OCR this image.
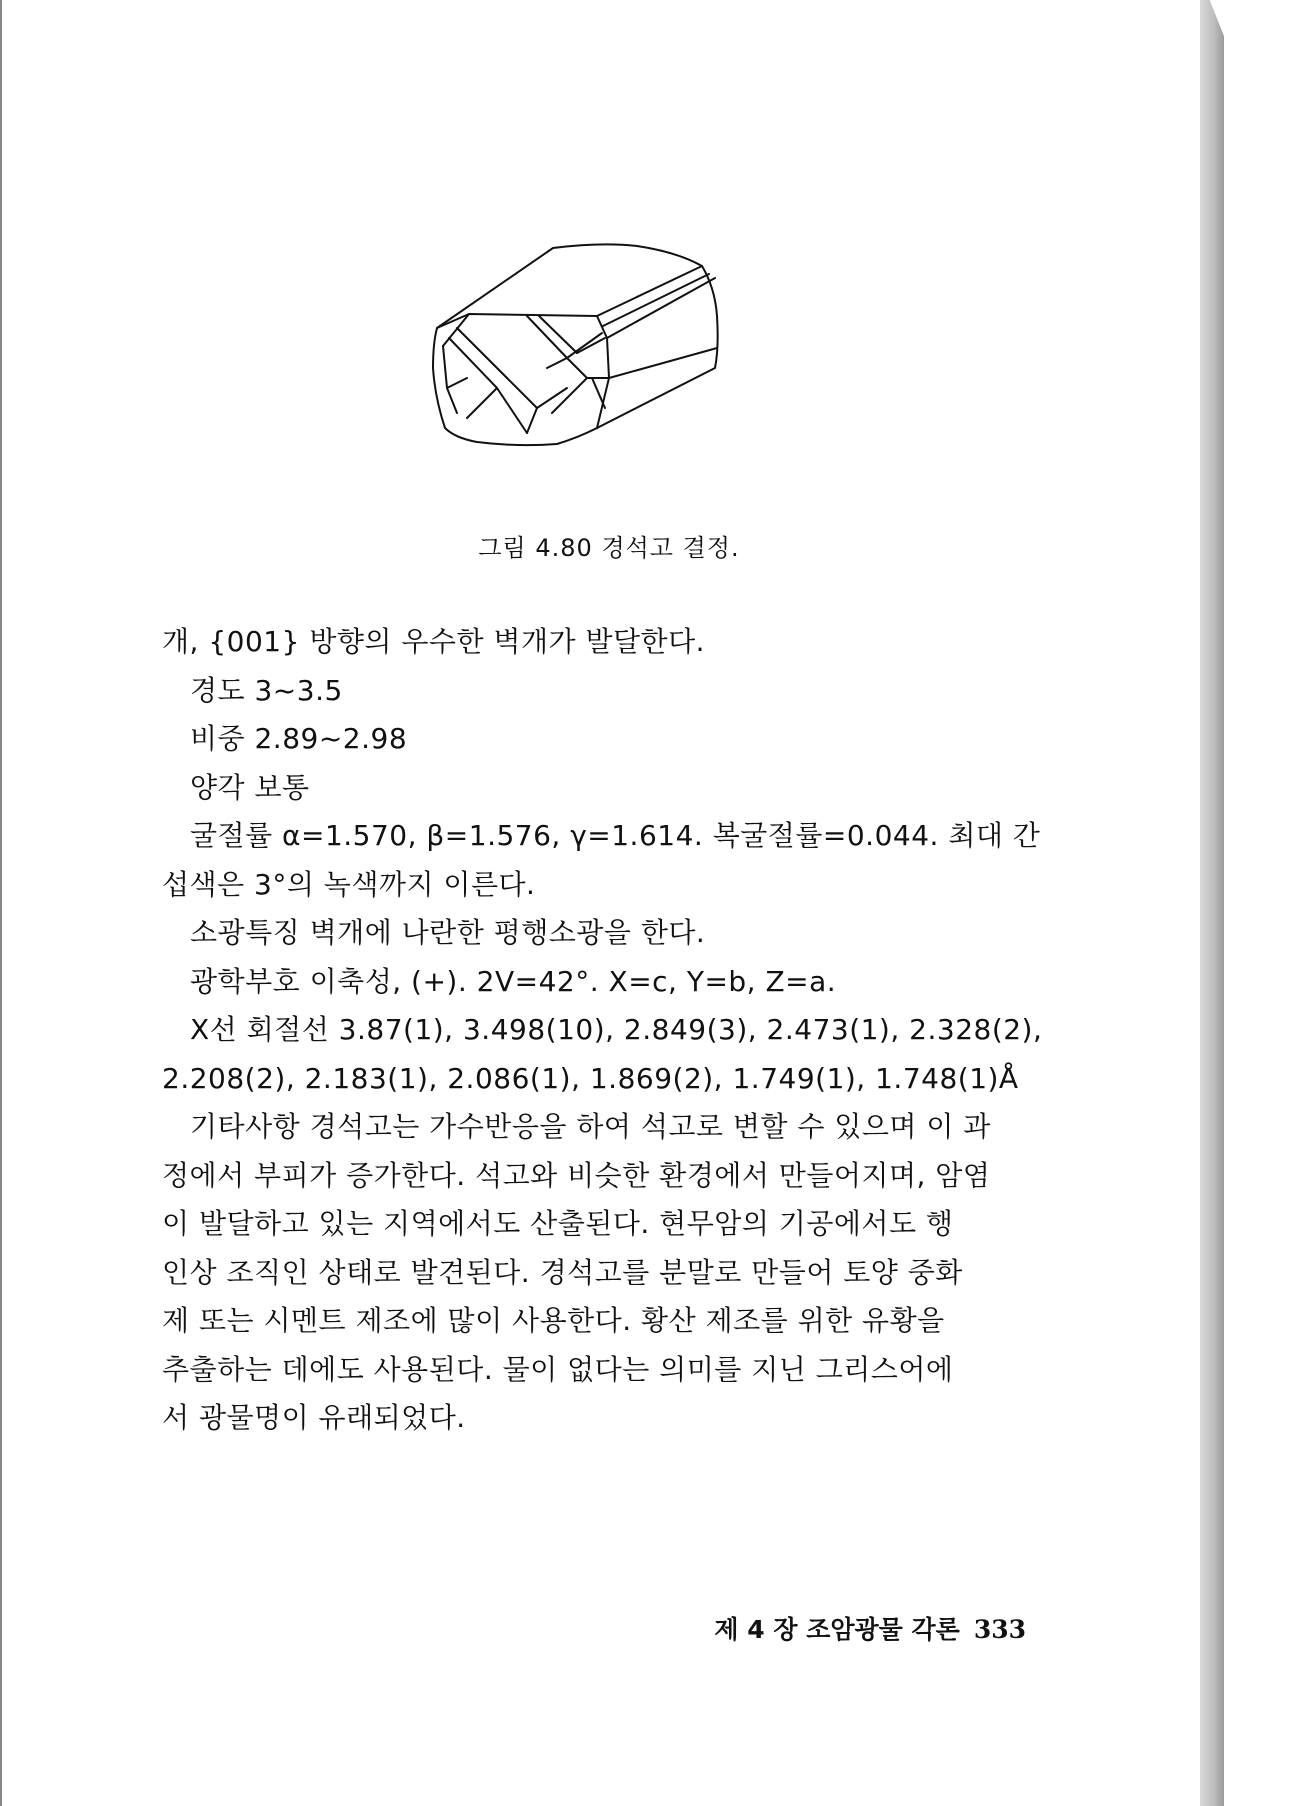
그림 4.80 경석고 결정.
개, {001} 방향의 우수한 벽개가 발달한다.
경도 3~3.5
비중 2.89~2.98
양각 보통
굴절률 α=1.570, β=1.576, γ=1.614. 복굴절률=0.044. 최대 간
섭색은 3°의 녹색까지 이른다.
소광특징 벽개에 나란한 평행소광을 한다.
광학부호 이축성, (+). 2V=42°. X=c, Y=b, Z=a.
X선 회절선 3.87(1), 3.498(10), 2.849(3), 2.473(1), 2.328(2),
2.208(2), 2.183(1), 2.086(1), 1.869(2), 1.749(1), 1.748(1)Å
기타사항 경석고는 가수반응을 하여 석고로 변할 수 있으며 이 과
정에서 부피가 증가한다. 석고와 비슷한 환경에서 만들어지며, 암염
이 발달하고 있는 지역에서도 산출된다. 현무암의 기공에서도 행
인상 조직인 상태로 발견된다. 경석고를 분말로 만들어 토양 중화
제 또는 시멘트 제조에 많이 사용한다. 황산 제조를 위한 유황을
추출하는 데에도 사용된다. 물이 없다는 의미를 지닌 그리스어에
서 광물명이 유래되었다.
제 4 장 조암광물 각론 333
